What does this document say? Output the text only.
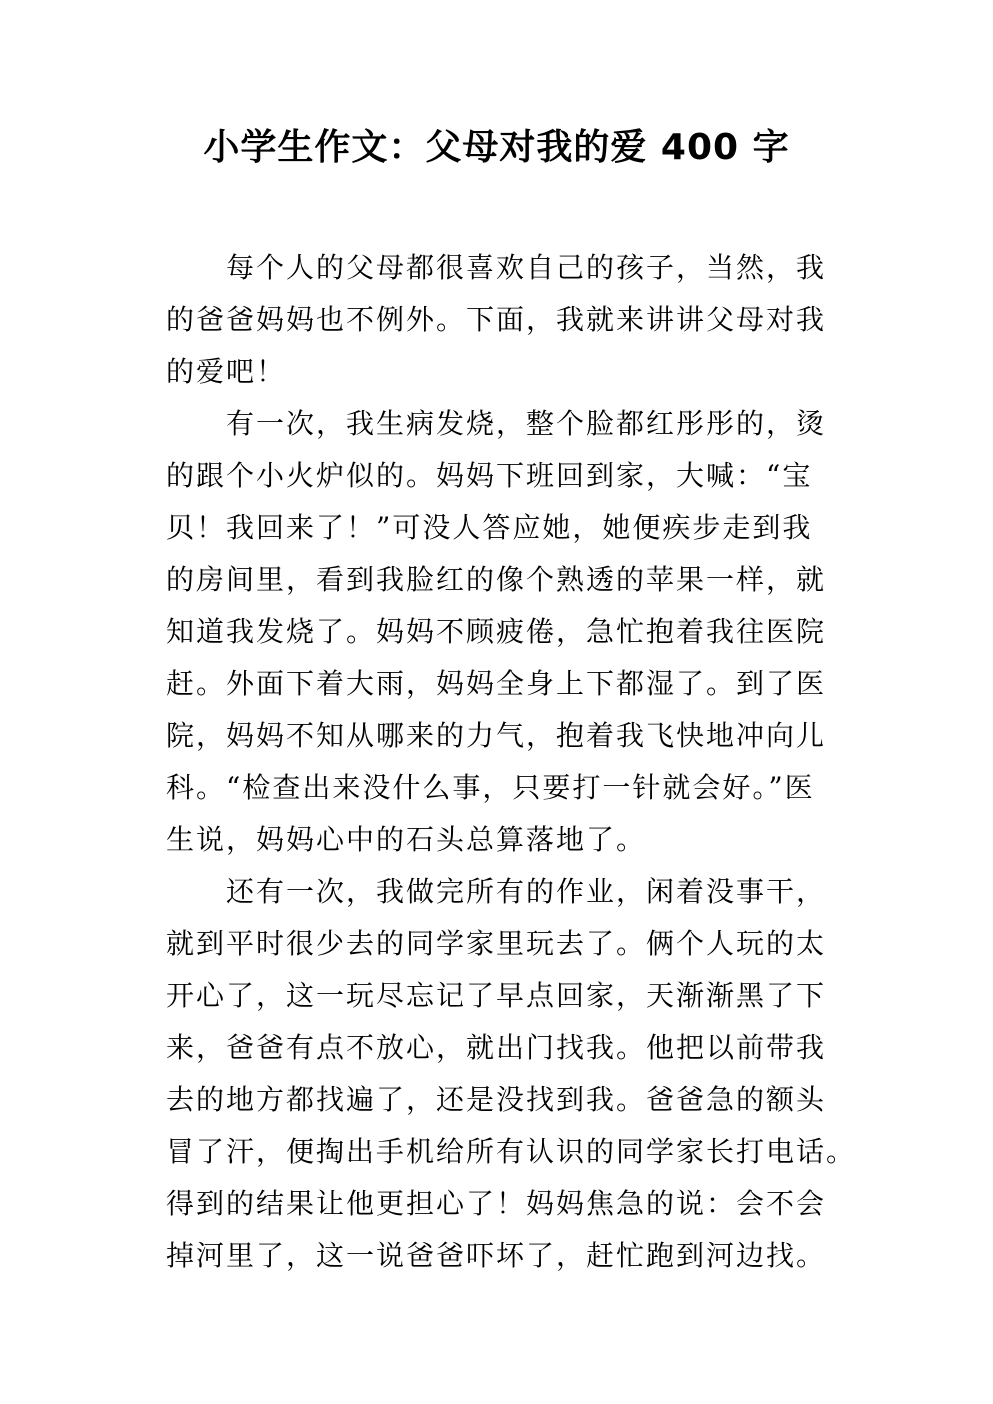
小学生作文：父母对我的爱 400 字
每个人的父母都很喜欢自己的孩子，当然，我
的爸爸妈妈也不例外。下面，我就来讲讲父母对我
的爱吧！
有一次，我生病发烧，整个脸都红彤彤的，烫
的跟个小火炉似的。妈妈下班回到家，大喊：“宝
贝！我回来了！”可没人答应她，她便疾步走到我
的房间里，看到我脸红的像个熟透的苹果一样，就
知道我发烧了。妈妈不顾疲倦，急忙抱着我往医院
赶。外面下着大雨，妈妈全身上下都湿了。到了医
院，妈妈不知从哪来的力气，抱着我飞快地冲向儿
科。“检查出来没什么事，只要打一针就会好。”医
生说，妈妈心中的石头总算落地了。
还有一次，我做完所有的作业，闲着没事干，
就到平时很少去的同学家里玩去了。俩个人玩的太
开心了，这一玩尽忘记了早点回家，天渐渐黑了下
来，爸爸有点不放心，就出门找我。他把以前带我
去的地方都找遍了，还是没找到我。爸爸急的额头
冒了汗，便掏出手机给所有认识的同学家长打电话。
得到的结果让他更担心了！妈妈焦急的说：会不会
掉河里了，这一说爸爸吓坏了，赶忙跑到河边找。
